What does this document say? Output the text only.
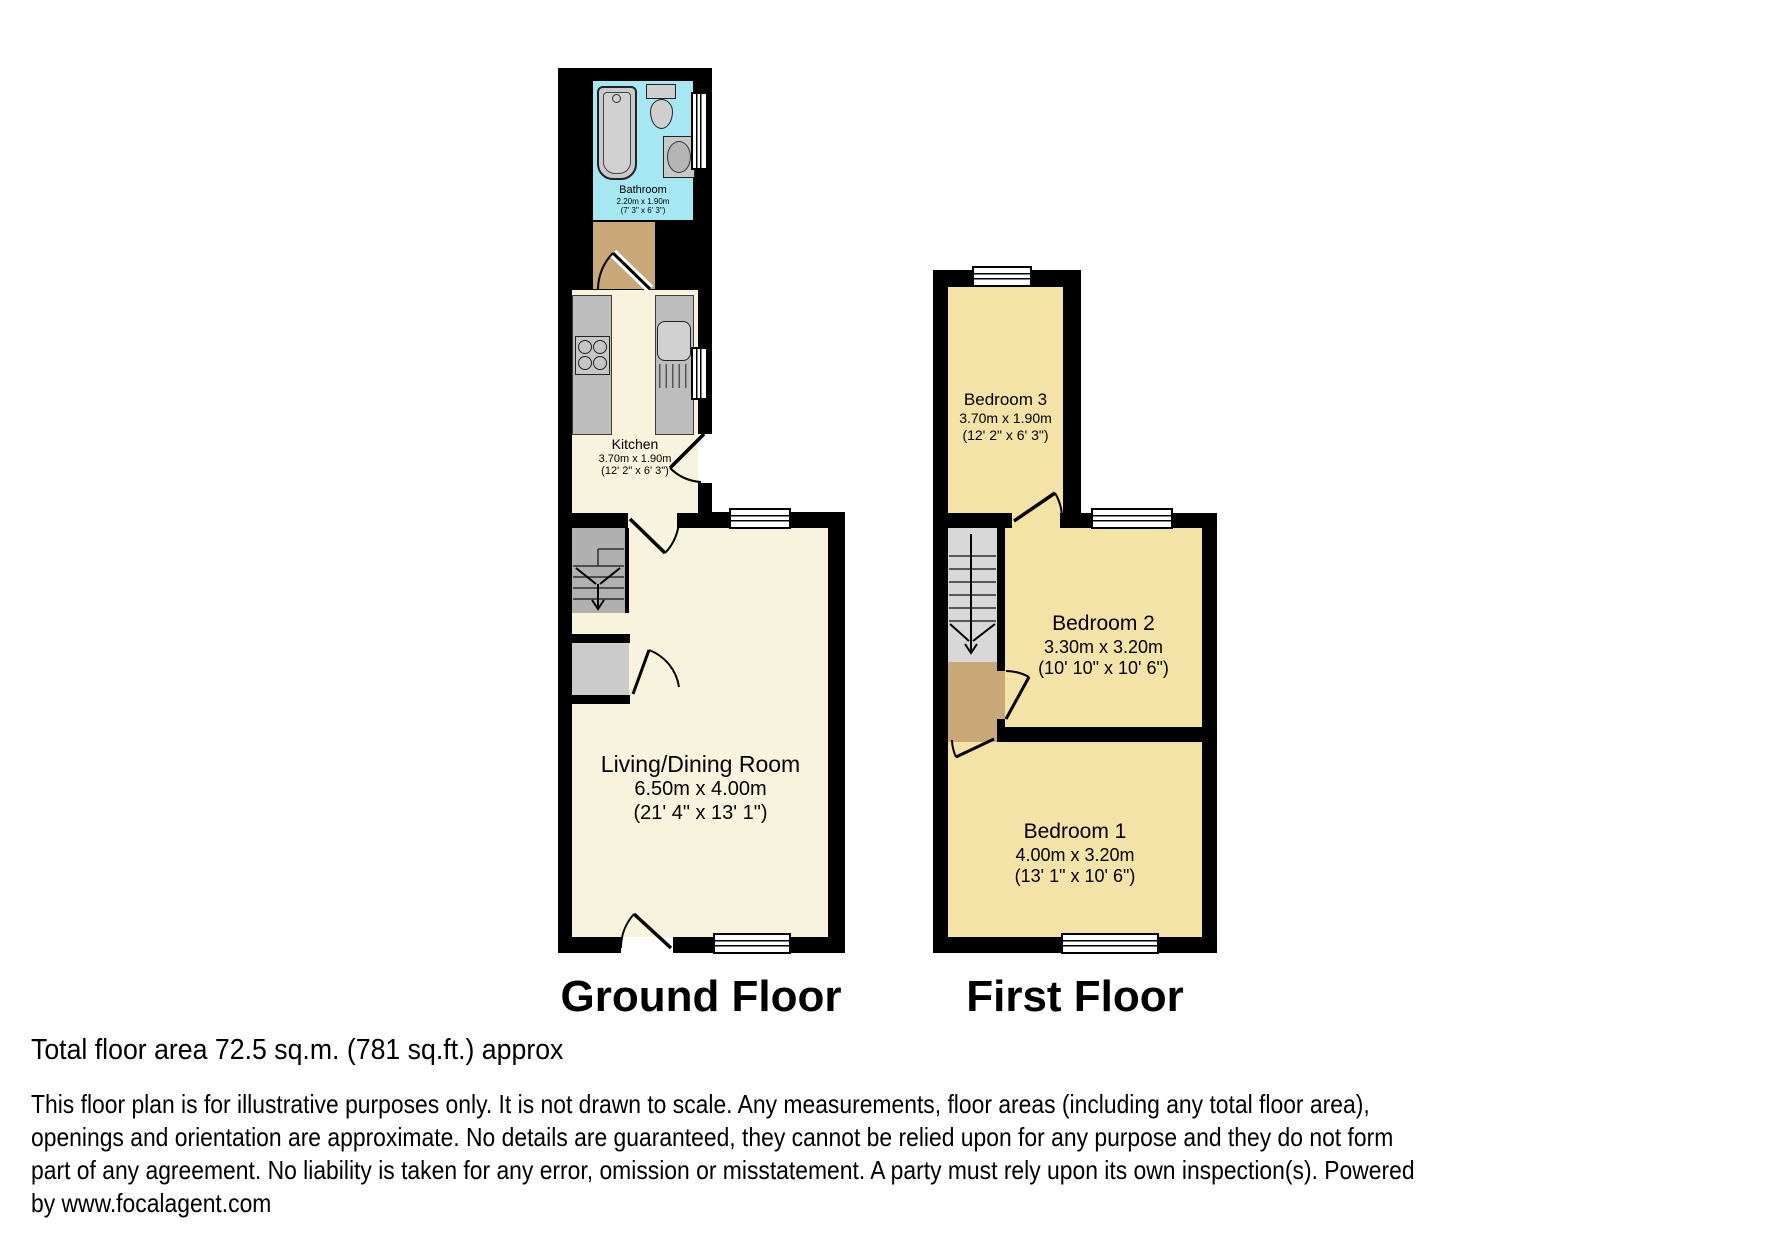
Bathroom
2.20m x 1.90m
(7' 3" x 6' 3")
Kitchen
3.70m x 1.90m
(12' 2" x 6' 3")
Living/Dining Room
6.50m x 4.00m
(21' 4" x 13' 1")
Bedroom 3
3.70m x 1.90m
(12' 2" x 6' 3")
Bedroom 2
3.30m x 3.20m
(10' 10" x 10' 6")
Bedroom 1
4.00m x 3.20m
(13' 1" x 10' 6")
Ground Floor	First Floor
Total floor area 72.5 sq.m. (781 sq.ft.) approx
This floor plan is for illustrative purposes only. It is not drawn to scale. Any measurements, floor areas (including any total floor area),
openings and orientation are approximate. No details are guaranteed, they cannot be relied upon for any purpose and they do not form
part of any agreement. No liability is taken for any error, omission or misstatement. A party must rely upon its own inspection(s). Powered
by www.focalagent.com
